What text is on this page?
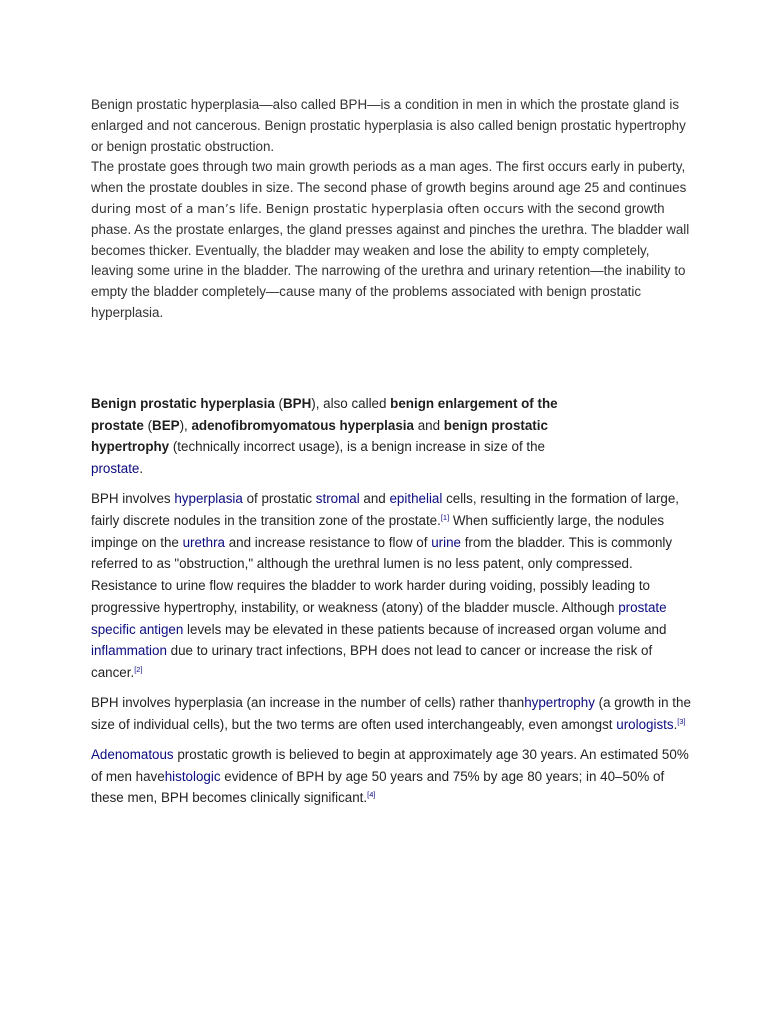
Benign prostatic hyperplasia—also called BPH—is a condition in men in which the prostate gland is enlarged and not cancerous. Benign prostatic hyperplasia is also called benign prostatic hypertrophy or benign prostatic obstruction.

The prostate goes through two main growth periods as a man ages. The first occurs early in puberty, when the prostate doubles in size. The second phase of growth begins around age 25 and continues during most of a man’s life. Benign prostatic hyperplasia often occurs with the second growth phase. As the prostate enlarges, the gland presses against and pinches the urethra. The bladder wall becomes thicker. Eventually, the bladder may weaken and lose the ability to empty completely, leaving some urine in the bladder. The narrowing of the urethra and urinary retention—the inability to empty the bladder completely—cause many of the problems associated with benign prostatic hyperplasia.

Benign prostatic hyperplasia (BPH), also called benign enlargement of the prostate (BEP), adenofibromyomatous hyperplasia and benign prostatic hypertrophy (technically incorrect usage), is a benign increase in size of the prostate.

BPH involves hyperplasia of prostatic stromal and epithelial cells, resulting in the formation of large, fairly discrete nodules in the transition zone of the prostate.[1] When sufficiently large, the nodules impinge on the urethra and increase resistance to flow of urine from the bladder. This is commonly referred to as "obstruction," although the urethral lumen is no less patent, only compressed. Resistance to urine flow requires the bladder to work harder during voiding, possibly leading to progressive hypertrophy, instability, or weakness (atony) of the bladder muscle. Although prostate specific antigen levels may be elevated in these patients because of increased organ volume and inflammation due to urinary tract infections, BPH does not lead to cancer or increase the risk of cancer.[2]

BPH involves hyperplasia (an increase in the number of cells) rather thanhypertrophy (a growth in the size of individual cells), but the two terms are often used interchangeably, even amongst urologists.[3]

Adenomatous prostatic growth is believed to begin at approximately age 30 years. An estimated 50% of men havehistologic evidence of BPH by age 50 years and 75% by age 80 years; in 40–50% of these men, BPH becomes clinically significant.[4]
